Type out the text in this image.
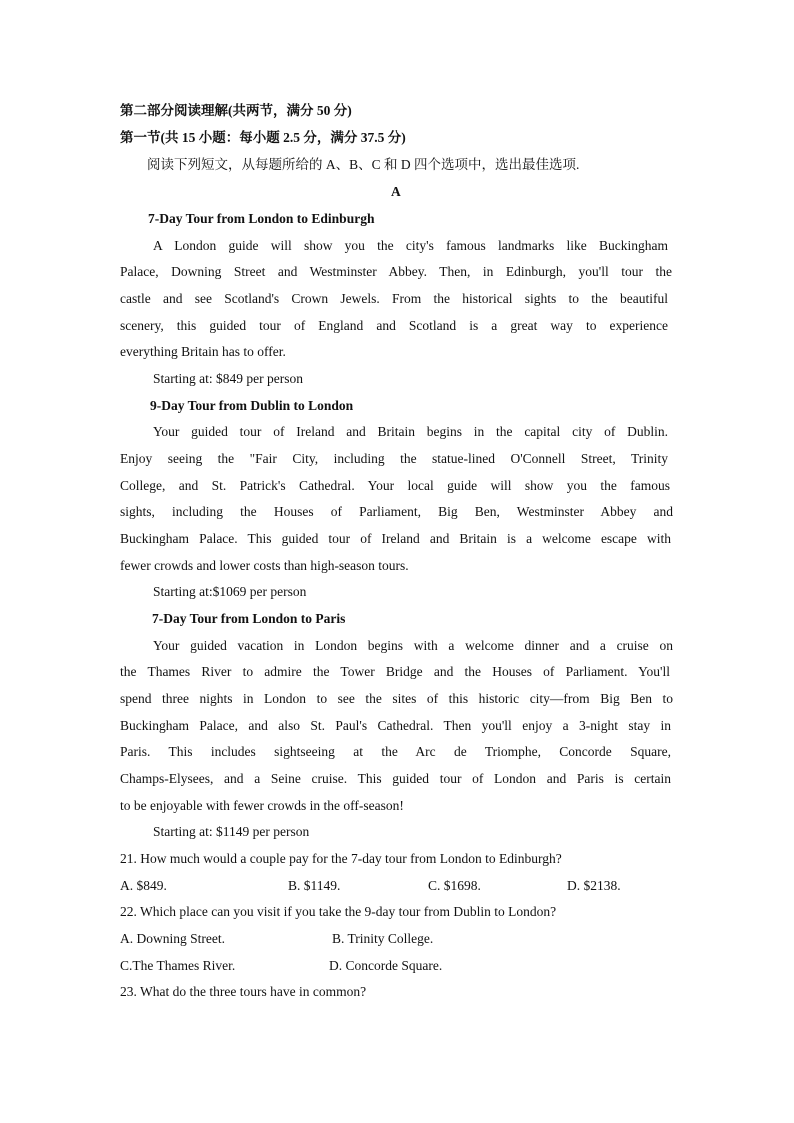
第二部分阅读理解(共两节，满分 50 分)
第一节(共 15 小题：每小题 2.5 分，满分 37.5 分)
阅读下列短文，从每题所给的 A、B、C 和 D 四个选项中，选出最佳选项.
A
7-Day Tour from London to Edinburgh
A London guide will show you the city's famous landmarks like Buckingham
Palace, Downing Street and Westminster Abbey. Then, in Edinburgh, you'll tour the
castle and see Scotland's Crown Jewels. From the historical sights to the beautiful
scenery, this guided tour of England and Scotland is a great way to experience
everything Britain has to offer.
Starting at: $849 per person
9-Day Tour from Dublin to London
Your guided tour of Ireland and Britain begins in the capital city of Dublin.
Enjoy seeing the "Fair City, including the statue-lined O'Connell Street, Trinity
College, and St. Patrick's Cathedral. Your local guide will show you the famous
sights, including the Houses of Parliament, Big Ben, Westminster Abbey and
Buckingham Palace. This guided tour of Ireland and Britain is a welcome escape with
fewer crowds and lower costs than high-season tours.
Starting at:$1069 per person
7-Day Tour from London to Paris
Your guided vacation in London begins with a welcome dinner and a cruise on
the Thames River to admire the Tower Bridge and the Houses of Parliament. You'll
spend three nights in London to see the sites of this historic city—from Big Ben to
Buckingham Palace, and also St. Paul's Cathedral. Then you'll enjoy a 3-night stay in
Paris. This includes sightseeing at the Arc de Triomphe, Concorde Square,
Champs-Elysees, and a Seine cruise. This guided tour of London and Paris is certain
to be enjoyable with fewer crowds in the off-season!
Starting at: $1149 per person
21. How much would a couple pay for the 7-day tour from London to Edinburgh?
A. $849.	B. $1149.	C. $1698.	D. $2138.
22. Which place can you visit if you take the 9-day tour from Dublin to London?
A. Downing Street.	B. Trinity College.
C.The Thames River.	D. Concorde Square.
23. What do the three tours have in common?
